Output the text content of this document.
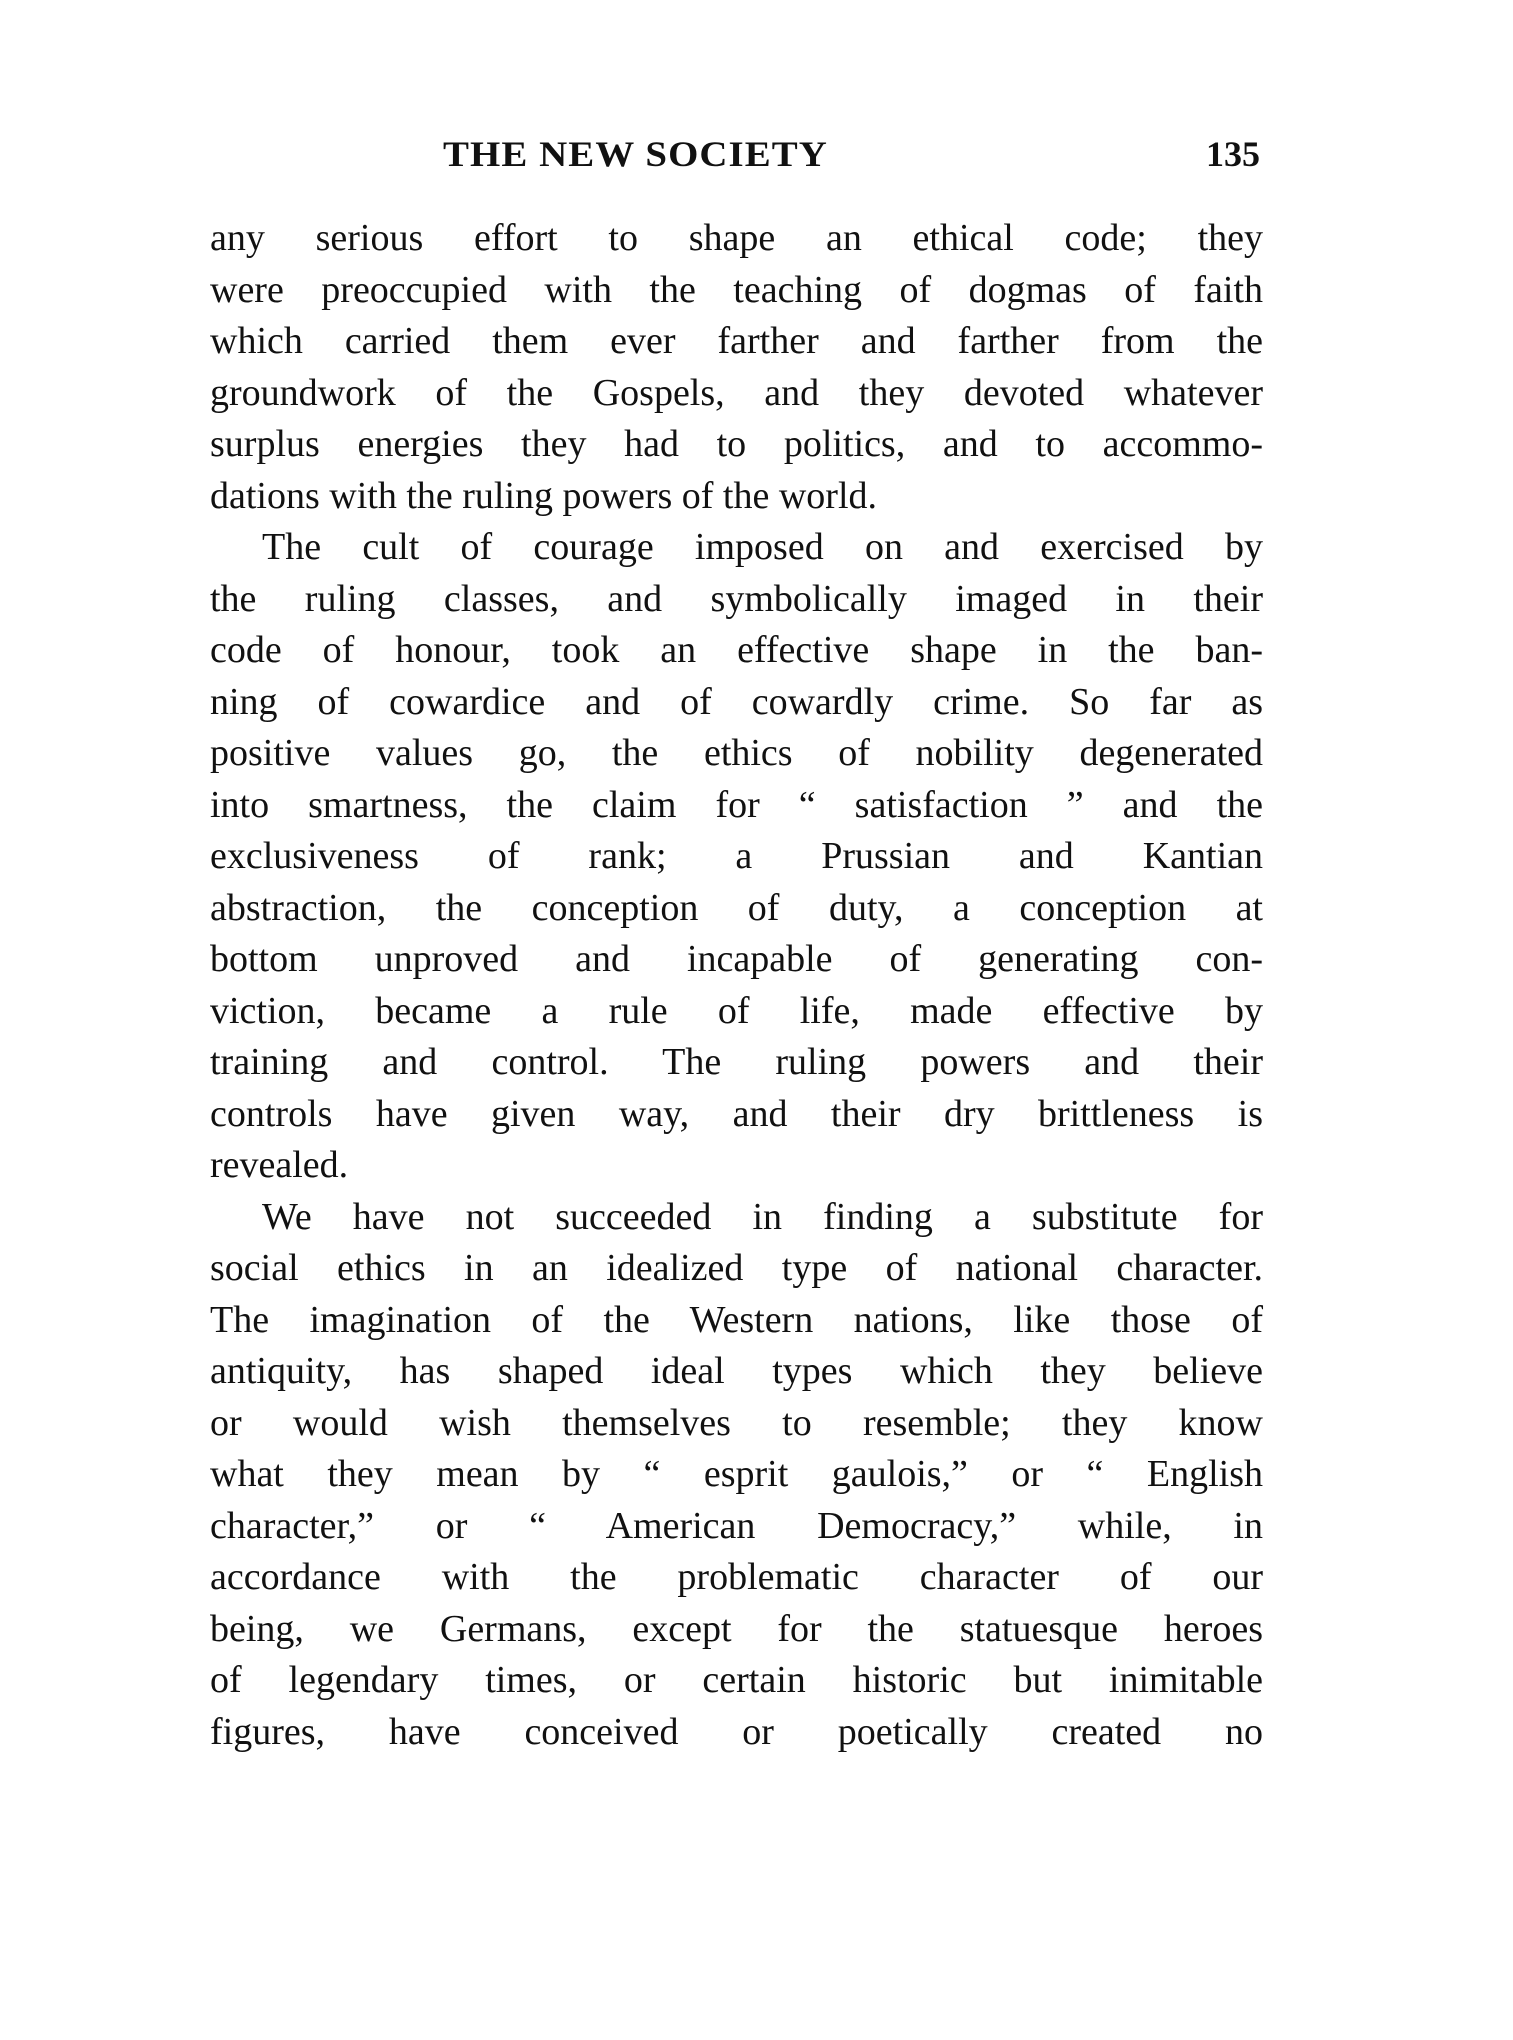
THE NEW SOCIETY	135
any serious effort to shape an ethical code; they
were preoccupied with the teaching of dogmas of faith
which carried them ever farther and farther from the
groundwork of the Gospels, and they devoted whatever
surplus energies they had to politics, and to accommo-
dations with the ruling powers of the world.
The cult of courage imposed on and exercised by
the ruling classes, and symbolically imaged in their
code of honour, took an effective shape in the ban-
ning of cowardice and of cowardly crime. So far as
positive values go, the ethics of nobility degenerated
into smartness, the claim for “ satisfaction ” and the
exclusiveness of rank; a Prussian and Kantian
abstraction, the conception of duty, a conception at
bottom unproved and incapable of generating con-
viction, became a rule of life, made effective by
training and control. The ruling powers and their
controls have given way, and their dry brittleness is
revealed.
We have not succeeded in finding a substitute for
social ethics in an idealized type of national character.
The imagination of the Western nations, like those of
antiquity, has shaped ideal types which they believe
or would wish themselves to resemble; they know
what they mean by “ esprit gaulois,” or “ English
character,” or “ American Democracy,” while, in
accordance with the problematic character of our
being, we Germans, except for the statuesque heroes
of legendary times, or certain historic but inimitable
figures, have conceived or poetically created no
